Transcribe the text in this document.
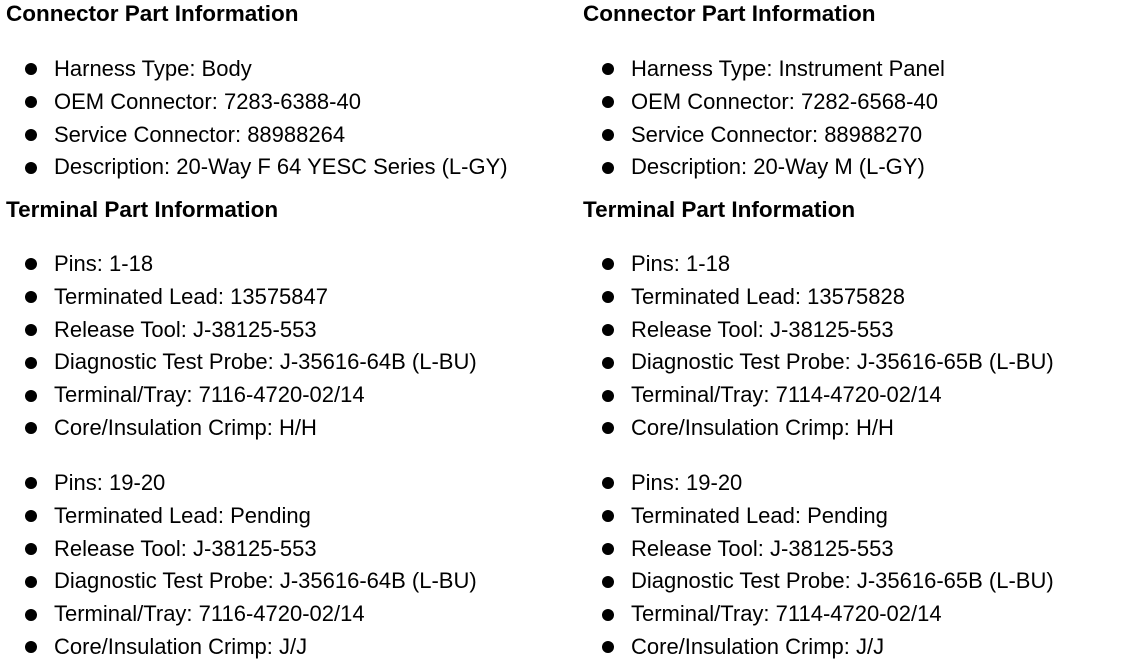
Connector Part Information
Harness Type: Body
OEM Connector: 7283-6388-40
Service Connector: 88988264
Description: 20-Way F 64 YESC Series (L-GY)
Terminal Part Information
Pins: 1-18
Terminated Lead: 13575847
Release Tool: J-38125-553
Diagnostic Test Probe: J-35616-64B (L-BU)
Terminal/Tray: 7116-4720-02/14
Core/Insulation Crimp: H/H
Pins: 19-20
Terminated Lead: Pending
Release Tool: J-38125-553
Diagnostic Test Probe: J-35616-64B (L-BU)
Terminal/Tray: 7116-4720-02/14
Core/Insulation Crimp: J/J
Connector Part Information
Harness Type: Instrument Panel
OEM Connector: 7282-6568-40
Service Connector: 88988270
Description: 20-Way M (L-GY)
Terminal Part Information
Pins: 1-18
Terminated Lead: 13575828
Release Tool: J-38125-553
Diagnostic Test Probe: J-35616-65B (L-BU)
Terminal/Tray: 7114-4720-02/14
Core/Insulation Crimp: H/H
Pins: 19-20
Terminated Lead: Pending
Release Tool: J-38125-553
Diagnostic Test Probe: J-35616-65B (L-BU)
Terminal/Tray: 7114-4720-02/14
Core/Insulation Crimp: J/J
